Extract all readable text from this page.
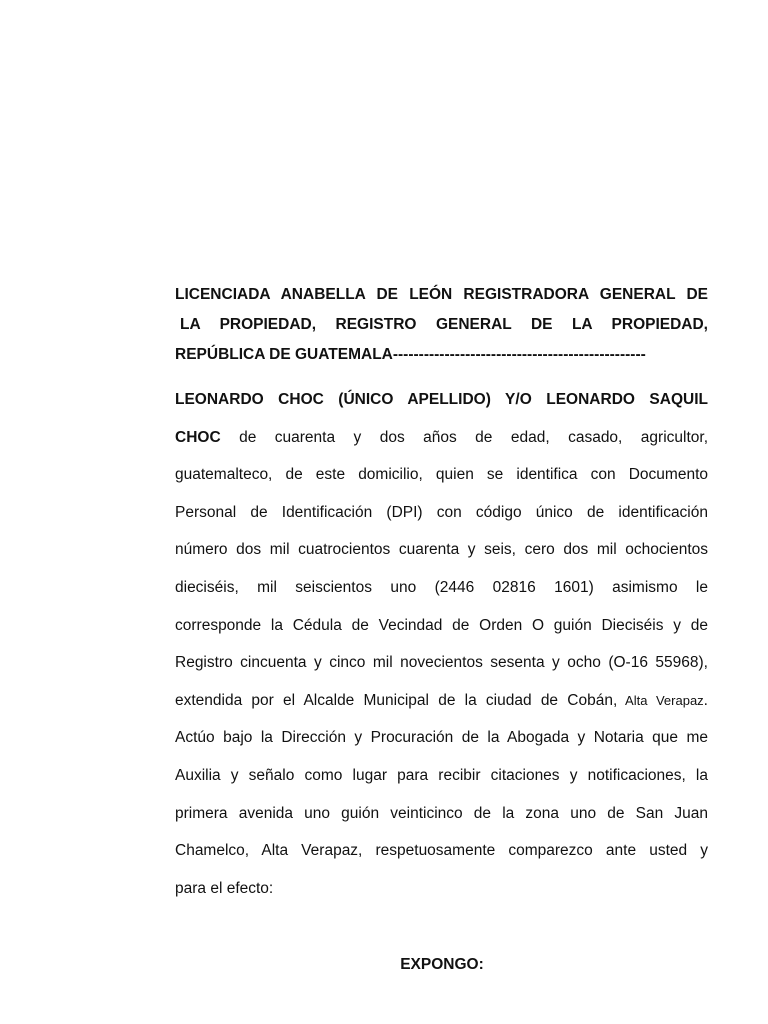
LICENCIADA ANABELLA DE LEÓN REGISTRADORA GENERAL DE
LA PROPIEDAD, REGISTRO GENERAL DE LA PROPIEDAD,
REPÚBLICA DE GUATEMALA-------------------------------------------------
LEONARDO CHOC (ÚNICO APELLIDO) Y/O LEONARDO SAQUIL
CHOC de cuarenta y dos años de edad, casado, agricultor,
guatemalteco, de este domicilio, quien se identifica con Documento
Personal de Identificación (DPI) con código único de identificación
número dos mil cuatrocientos cuarenta y seis, cero dos mil ochocientos
dieciséis, mil seiscientos uno (2446 02816 1601) asimismo le
corresponde la Cédula de Vecindad de Orden O guión Dieciséis y de
Registro cincuenta y cinco mil novecientos sesenta y ocho (O-16 55968),
extendida por el Alcalde Municipal de la ciudad de Cobán, Alta Verapaz.
Actúo bajo la Dirección y Procuración de la Abogada y Notaria que me
Auxilia y señalo como lugar para recibir citaciones y notificaciones, la
primera avenida uno guión veinticinco de la zona uno de San Juan
Chamelco, Alta Verapaz, respetuosamente comparezco ante usted y
para el efecto:
EXPONGO:
